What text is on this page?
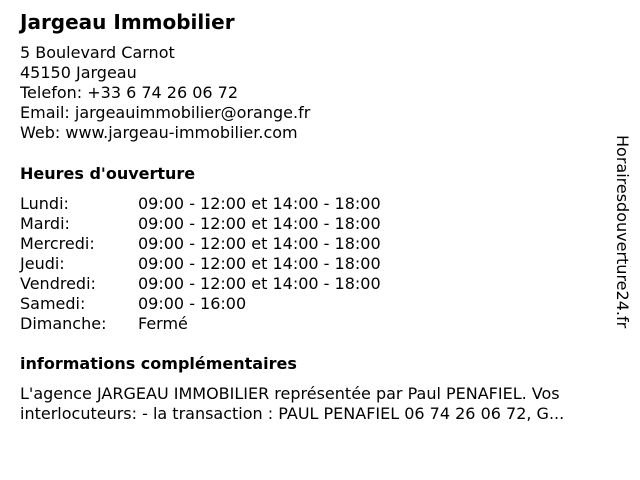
Jargeau Immobilier
5 Boulevard Carnot
45150 Jargeau
Telefon: +33 6 74 26 06 72
Email: jargeauimmobilier@orange.fr
Web: www.jargeau-immobilier.com
Heures d'ouverture
Lundi:	09:00 - 12:00 et 14:00 - 18:00
Mardi:	09:00 - 12:00 et 14:00 - 18:00
Mercredi:	09:00 - 12:00 et 14:00 - 18:00
Jeudi:	09:00 - 12:00 et 14:00 - 18:00
Vendredi:	09:00 - 12:00 et 14:00 - 18:00
Samedi:	09:00 - 16:00
Dimanche:	Fermé
informations complémentaires
L'agence JARGEAU IMMOBILIER représentée par Paul PENAFIEL. Vos
interlocuteurs: - la transaction : PAUL PENAFIEL 06 74 26 06 72, G...
Horairesdouverture24.fr
